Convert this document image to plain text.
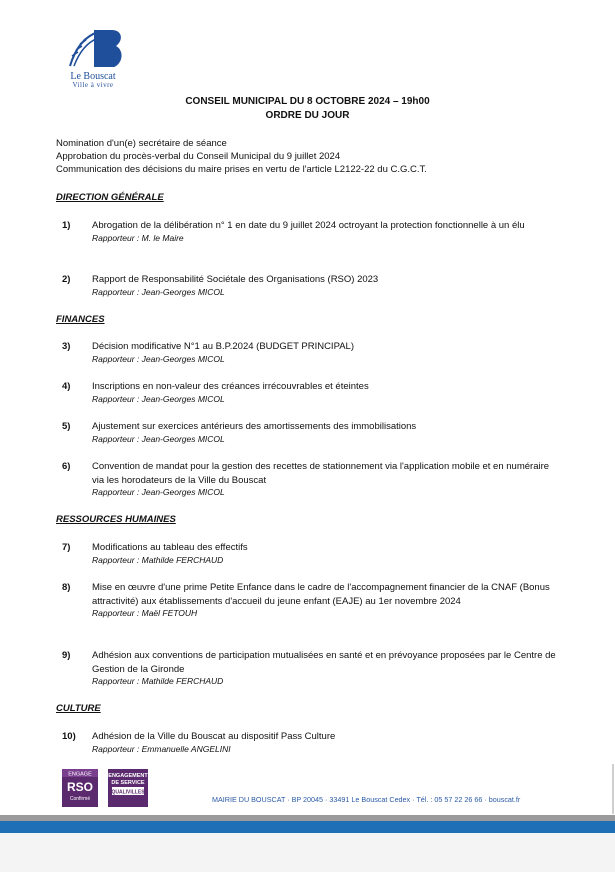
Le Bouscat
Ville à vivre
CONSEIL MUNICIPAL DU 8 OCTOBRE 2024 – 19h00
ORDRE DU JOUR
Nomination d'un(e) secrétaire de séance
Approbation du procès-verbal du Conseil Municipal du 9 juillet 2024
Communication des décisions du maire prises en vertu de l'article L2122-22 du C.G.C.T.
DIRECTION GÉNÉRALE
1) Abrogation de la délibération n° 1 en date du 9 juillet 2024 octroyant la protection fonctionnelle à un élu
Rapporteur : M. le Maire
2) Rapport de Responsabilité Sociétale des Organisations (RSO) 2023
Rapporteur : Jean-Georges MICOL
FINANCES
3) Décision modificative N°1 au B.P.2024 (BUDGET PRINCIPAL)
Rapporteur : Jean-Georges MICOL
4) Inscriptions en non-valeur des créances irrécouvrables et éteintes
Rapporteur : Jean-Georges MICOL
5) Ajustement sur exercices antérieurs des amortissements des immobilisations
Rapporteur : Jean-Georges MICOL
6) Convention de mandat pour la gestion des recettes de stationnement via l'application mobile et en numéraire via les horodateurs de la Ville du Bouscat
Rapporteur : Jean-Georges MICOL
RESSOURCES HUMAINES
7) Modifications au tableau des effectifs
Rapporteur : Mathilde FERCHAUD
8) Mise en œuvre d'une prime Petite Enfance dans le cadre de l'accompagnement financier de la CNAF (Bonus attractivité) aux établissements d'accueil du jeune enfant (EAJE) au 1er novembre 2024
Rapporteur : Maël FETOUH
9) Adhésion aux conventions de participation mutualisées en santé et en prévoyance proposées par le Centre de Gestion de la Gironde
Rapporteur : Mathilde FERCHAUD
CULTURE
10) Adhésion de la Ville du Bouscat au dispositif Pass Culture
Rapporteur : Emmanuelle ANGELINI
ENGAGE
RSO
Confirmé
ENGAGEMENT
DE SERVICE
QUALIVILLES
MAIRIE DU BOUSCAT · BP 20045 · 33491 Le Bouscat Cedex · Tél. : 05 57 22 26 66 · bouscat.fr
